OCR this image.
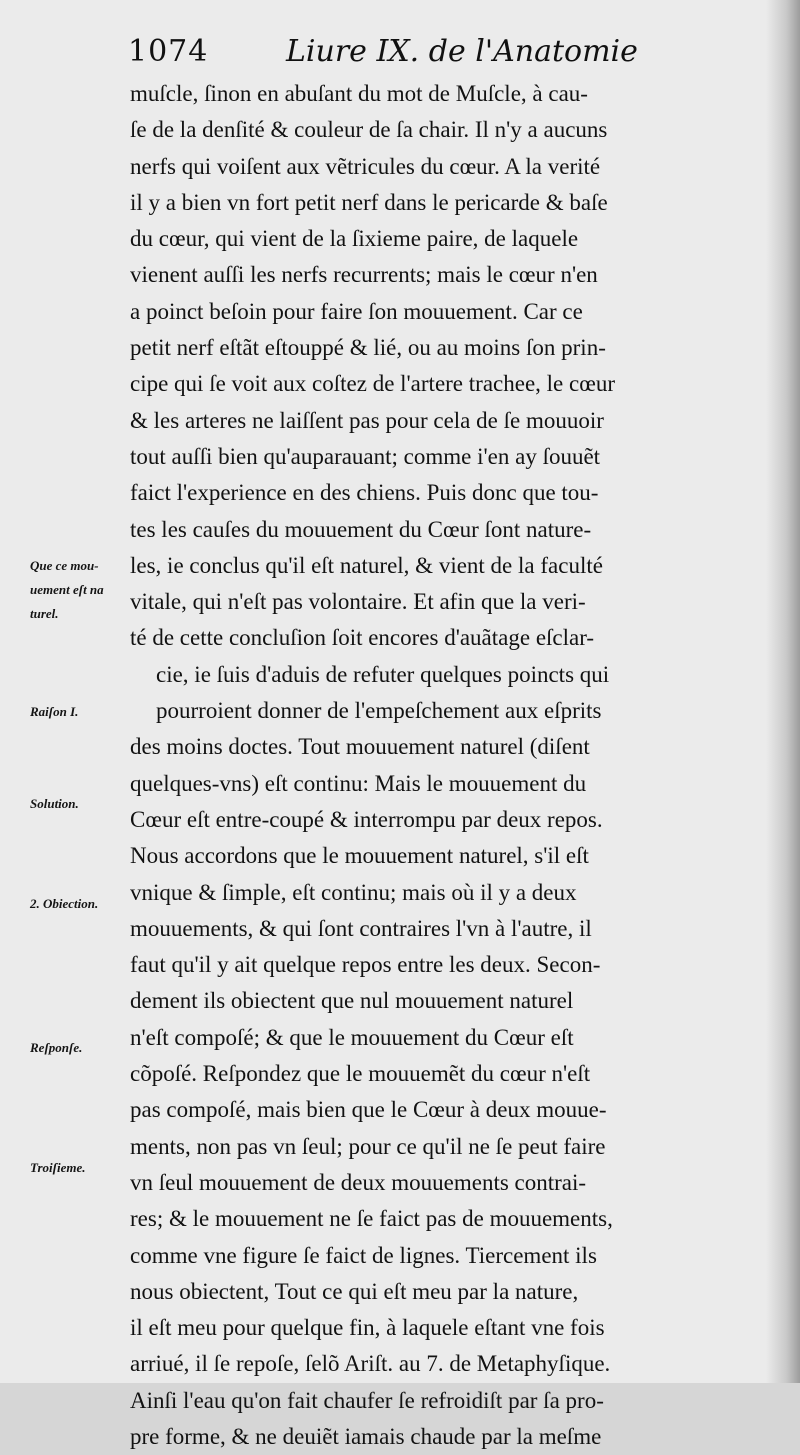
1074	Liure IX. de l'Anatomie
Que ce mou-
uement eſt na
turel.
Raiſon I.
Solution.
2. Obiection.
Reſponſe.
Troiſieme.
muſcle, ſinon en abuſant du mot de Muſcle, à cau-
ſe de la denſité & couleur de ſa chair. Il n'y a aucuns
nerfs qui voiſent aux vẽtricules du cœur. A la verité
il y a bien vn fort petit nerf dans le pericarde & baſe
du cœur, qui vient de la ſixieme paire, de laquele
vienent auſſi les nerfs recurrents; mais le cœur n'en
a poinct beſoin pour faire ſon mouuement. Car ce
petit nerf eſtãt eſtouppé & lié, ou au moins ſon prin-
cipe qui ſe voit aux coſtez de l'artere trachee, le cœur
& les arteres ne laiſſent pas pour cela de ſe mouuoir
tout auſſi bien qu'auparauant; comme i'en ay ſouuẽt
faict l'experience en des chiens. Puis donc que tou-
tes les cauſes du mouuement du Cœur ſont nature-
les, ie conclus qu'il eſt naturel, & vient de la faculté
vitale, qui n'eſt pas volontaire. Et afin que la veri-
té de cette concluſion ſoit encores d'auãtage eſclar-
cie, ie ſuis d'aduis de refuter quelques poincts qui
pourroient donner de l'empeſchement aux eſprits
des moins doctes. Tout mouuement naturel (diſent
quelques-vns) eſt continu: Mais le mouuement du
Cœur eſt entre-coupé & interrompu par deux repos.
Nous accordons que le mouuement naturel, s'il eſt
vnique & ſimple, eſt continu; mais où il y a deux
mouuements, & qui ſont contraires l'vn à l'autre, il
faut qu'il y ait quelque repos entre les deux. Secon-
dement ils obiectent que nul mouuement naturel
n'eſt compoſé; & que le mouuement du Cœur eſt
cõpoſé. Reſpondez que le mouuemẽt du cœur n'eſt
pas compoſé, mais bien que le Cœur à deux mouue-
ments, non pas vn ſeul; pour ce qu'il ne ſe peut faire
vn ſeul mouuement de deux mouuements contrai-
res; & le mouuement ne ſe faict pas de mouuements,
comme vne figure ſe faict de lignes. Tiercement ils
nous obiectent, Tout ce qui eſt meu par la nature,
il eſt meu pour quelque fin, à laquele eſtant vne fois
arriué, il ſe repoſe, ſelõ Ariſt. au 7. de Metaphyſique.
Ainſi l'eau qu'on fait chaufer ſe refroidiſt par ſa pro-
pre forme, & ne deuiẽt iamais chaude par la meſme
